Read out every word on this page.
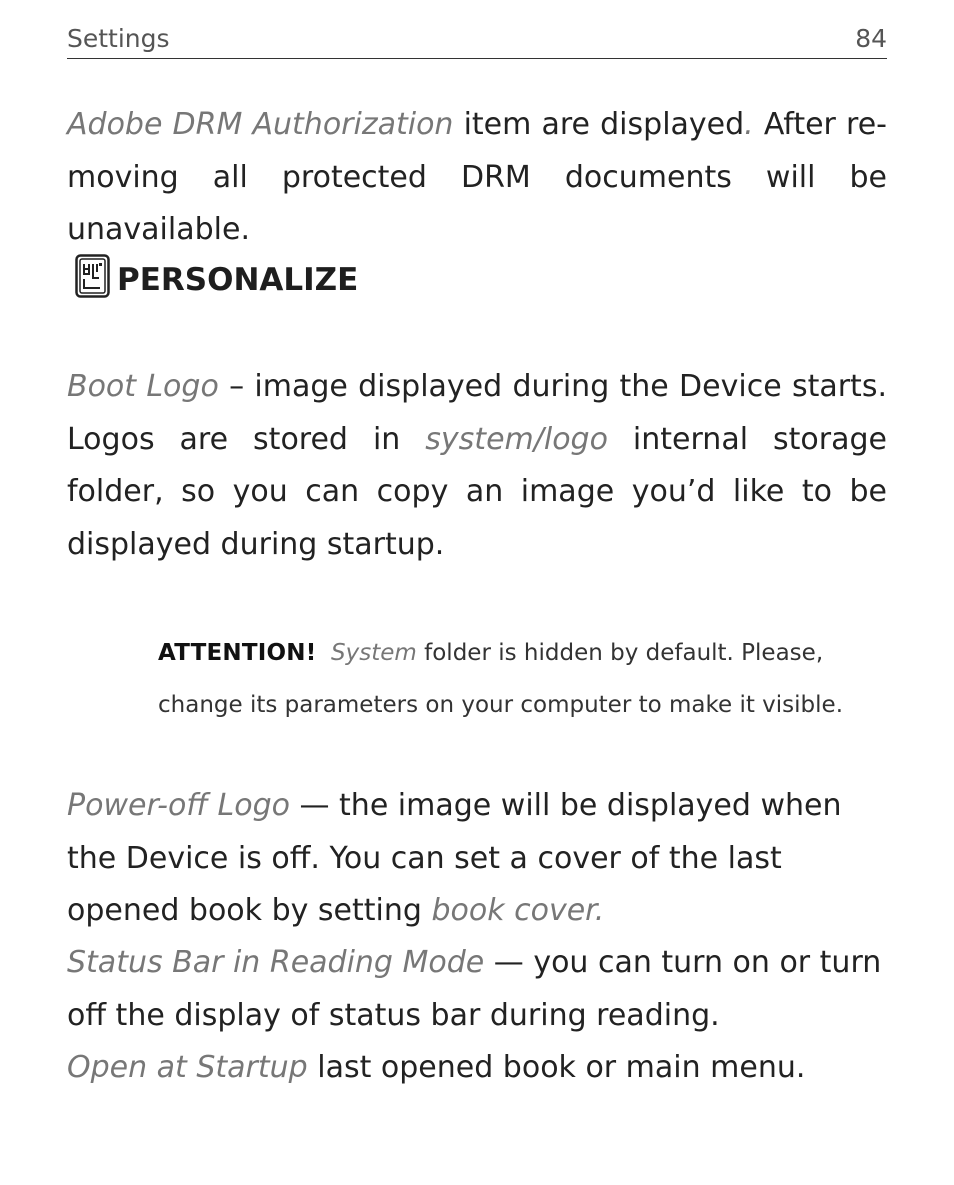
Settings	84

Adobe DRM Authorization item are displayed. After re-moving all protected DRM documents will be unavailable.

PERSONALIZE

Boot Logo – image displayed during the Device starts. Logos are stored in system/logo internal storage folder, so you can copy an image you’d like to be displayed during startup.

ATTENTION! System folder is hidden by default. Please, change its parameters on your computer to make it visible.

Power-off Logo — the image will be displayed when the Device is off. You can set a cover of the last opened book by setting book cover.

Status Bar in Reading Mode — you can turn on or turn off the display of status bar during reading.

Open at Startup last opened book or main menu.
